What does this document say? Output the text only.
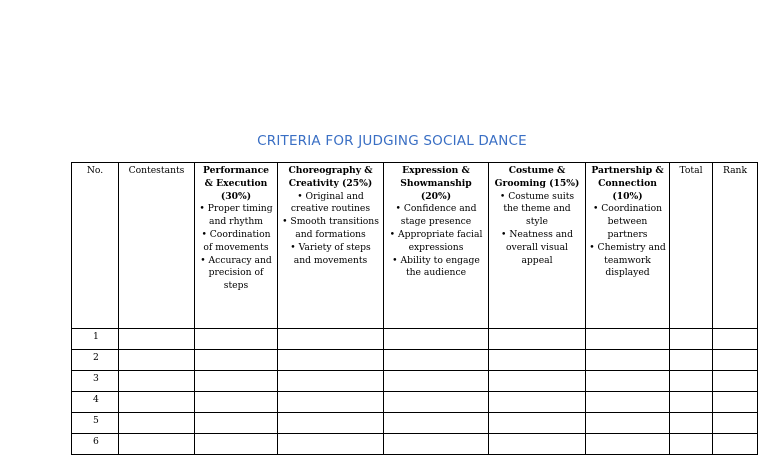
CRITERIA FOR JUDGING SOCIAL DANCE
No.	Contestants	Performance & Execution (30%)
• Proper timing and rhythm
• Coordination of movements
• Accuracy and precision of steps	Choreography & Creativity (25%)
• Original and creative routines
• Smooth transitions and formations
• Variety of steps and movements	Expression & Showmanship (20%)
• Confidence and stage presence
• Appropriate facial expressions
• Ability to engage the audience	Costume & Grooming (15%)
• Costume suits the theme and style
• Neatness and overall visual appeal	Partnership & Connection (10%)
• Coordination between partners
• Chemistry and teamwork displayed	Total	Rank
1								
2								
3								
4								
5								
6								
